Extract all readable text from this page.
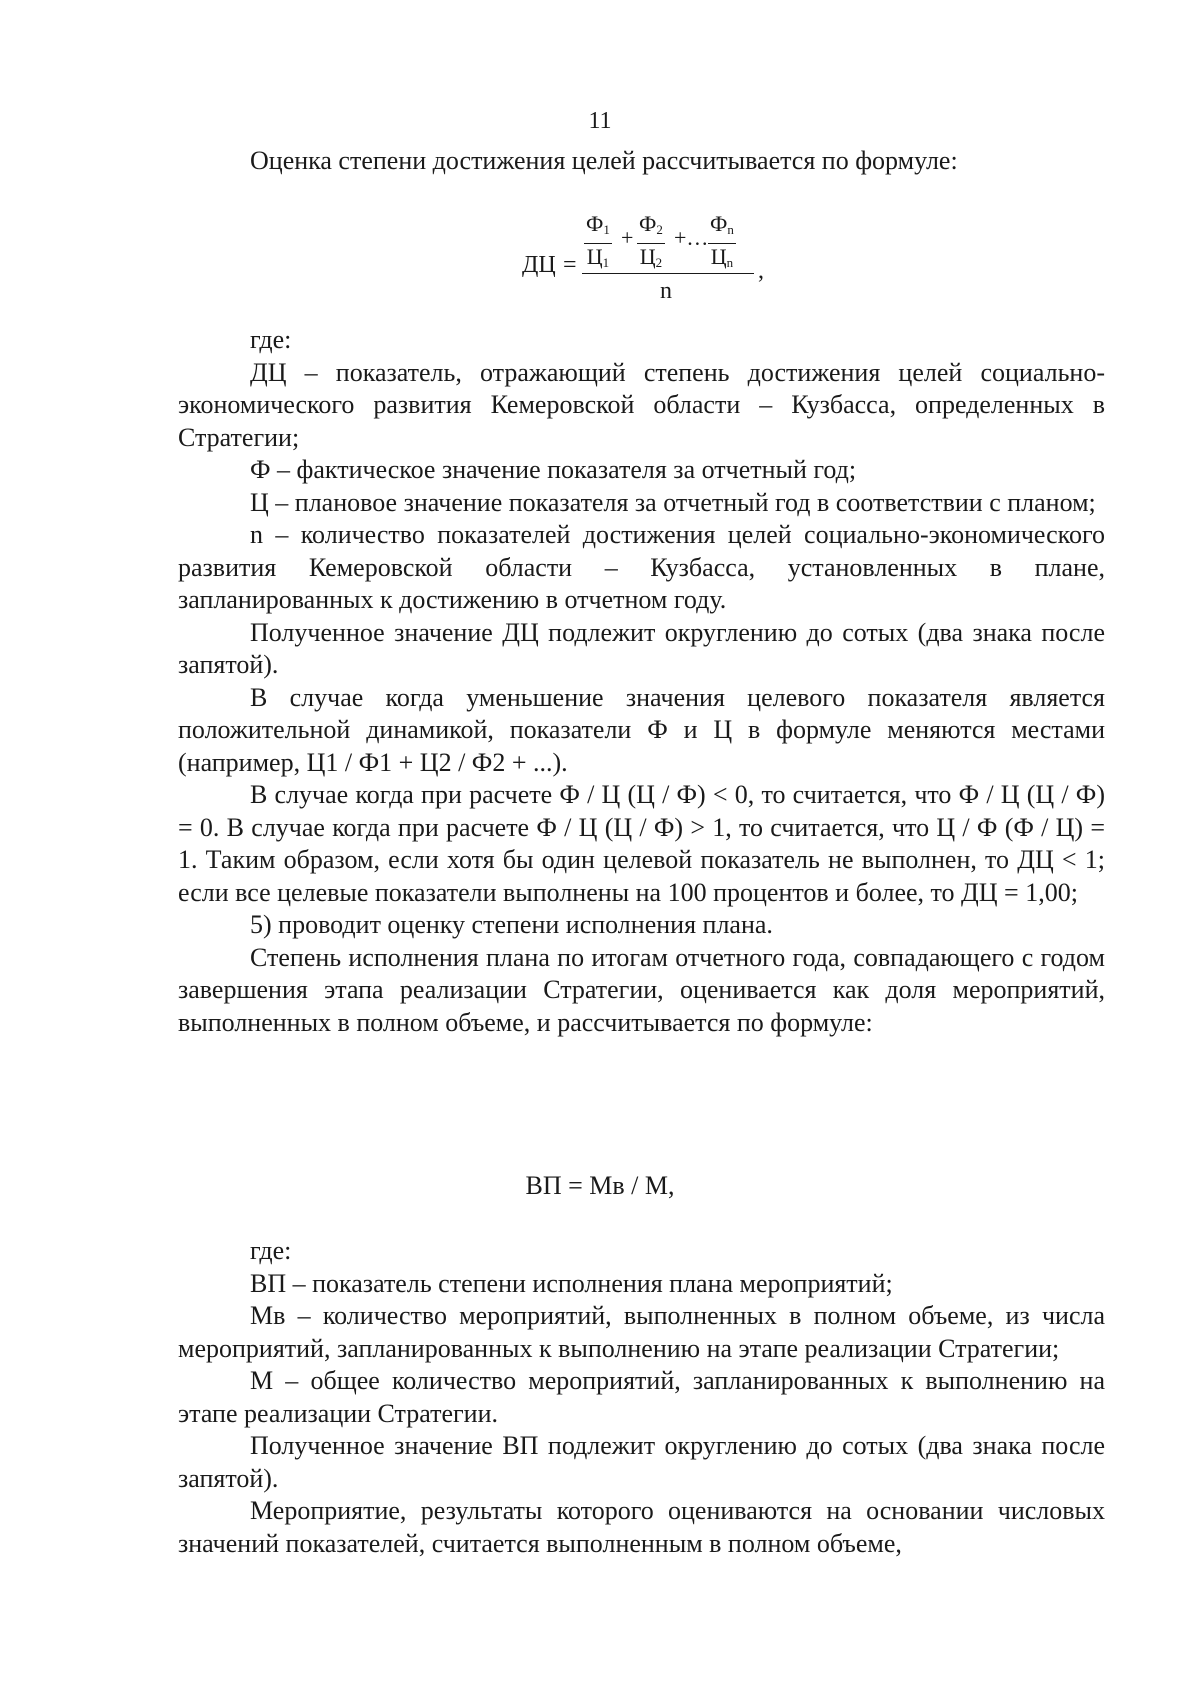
11

Оценка степени достижения целей рассчитывается по формуле:

ДЦ =
$Ф_1$
$Ц_1$
+
$Ф_2$
$Ц_2$
+…
$Ф_n$
$Ц_n$
n
,

где:

ДЦ – показатель, отражающий степень достижения целей социально-экономического развития Кемеровской области – Кузбасса, определенных в Стратегии;

Ф – фактическое значение показателя за отчетный год;

Ц – плановое значение показателя за отчетный год в соответствии с планом;

n – количество показателей достижения целей социально-экономического развития Кемеровской области – Кузбасса, установленных в плане, запланированных к достижению в отчетном году.

Полученное значение ДЦ подлежит округлению до сотых (два знака после запятой).

В случае когда уменьшение значения целевого показателя является положительной динамикой, показатели Ф и Ц в формуле меняются местами (например, Ц1 / Ф1 + Ц2 / Ф2 + ...).

В случае когда при расчете Ф / Ц (Ц / Ф) < 0, то считается, что Ф / Ц (Ц / Ф) = 0. В случае когда при расчете Ф / Ц (Ц / Ф) > 1, то считается, что Ц / Ф (Ф / Ц) = 1. Таким образом, если хотя бы один целевой показатель не выполнен, то ДЦ < 1; если все целевые показатели выполнены на 100 процентов и более, то ДЦ = 1,00;

5) проводит оценку степени исполнения плана.

Степень исполнения плана по итогам отчетного года, совпадающего с годом завершения этапа реализации Стратегии, оценивается как доля мероприятий, выполненных в полном объеме, и рассчитывается по формуле:

ВП = Мв / М,

где:

ВП – показатель степени исполнения плана мероприятий;

Мв – количество мероприятий, выполненных в полном объеме, из числа мероприятий, запланированных к выполнению на этапе реализации Стратегии;

М – общее количество мероприятий, запланированных к выполнению на этапе реализации Стратегии.

Полученное значение ВП подлежит округлению до сотых (два знака после запятой).

Мероприятие, результаты которого оцениваются на основании числовых значений показателей, считается выполненным в полном объеме,
